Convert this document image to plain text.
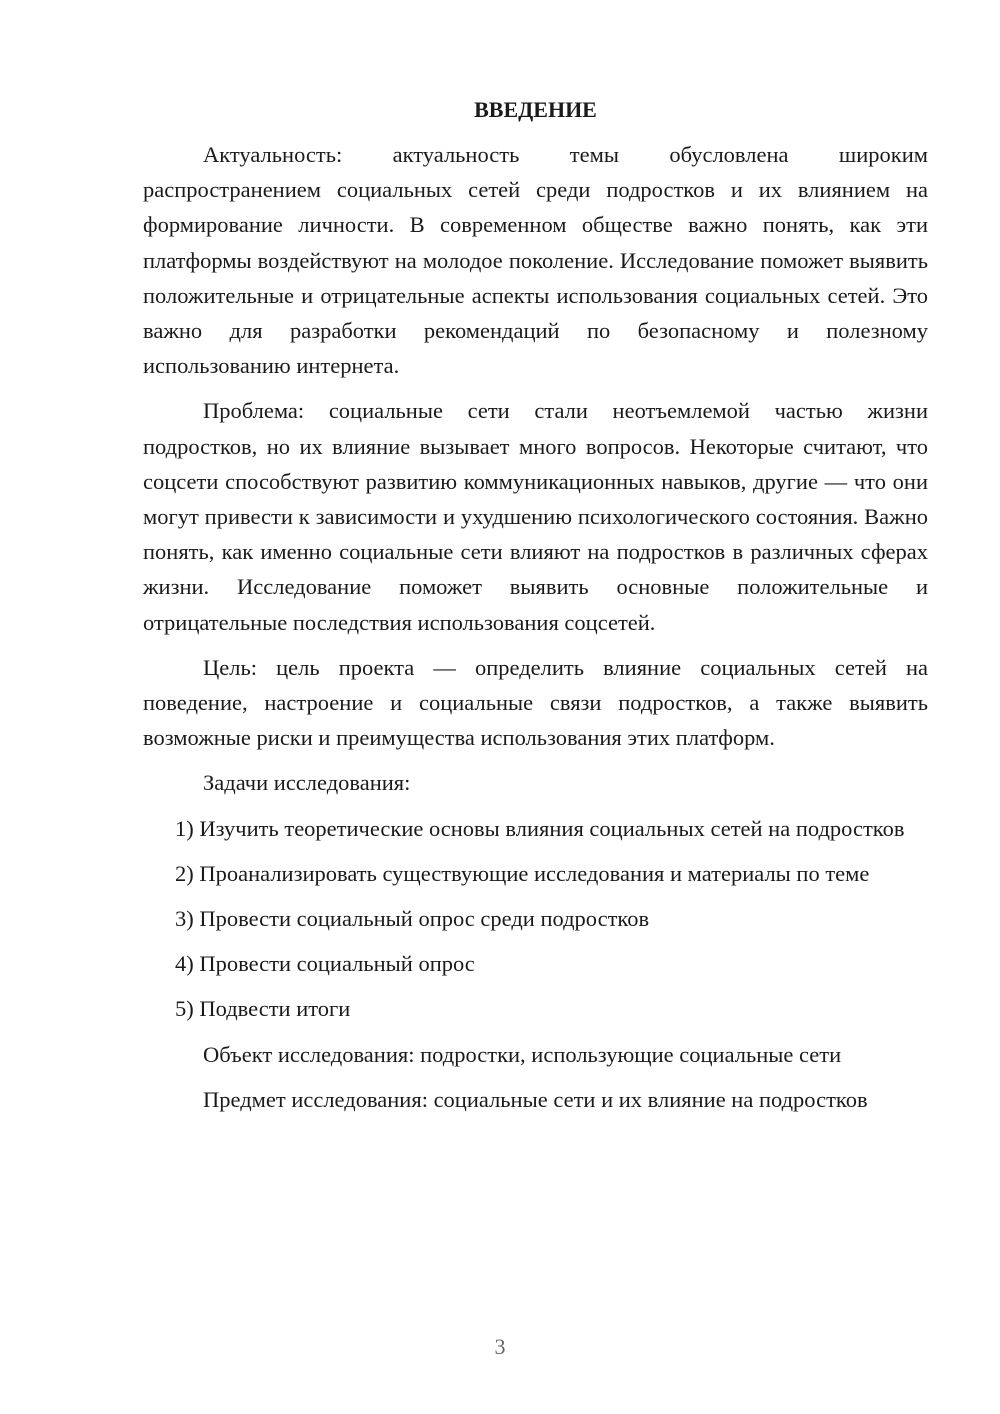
ВВЕДЕНИЕ

Актуальность: актуальность темы обусловлена широким распространением социальных сетей среди подростков и их влиянием на формирование личности. В современном обществе важно понять, как эти платформы воздействуют на молодое поколение. Исследование поможет выявить положительные и отрицательные аспекты использования социальных сетей. Это важно для разработки рекомендаций по безопасному и полезному использованию интернета.

Проблема: социальные сети стали неотъемлемой частью жизни подростков, но их влияние вызывает много вопросов. Некоторые считают, что соцсети способствуют развитию коммуникационных навыков, другие — что они могут привести к зависимости и ухудшению психологического состояния. Важно понять, как именно социальные сети влияют на подростков в различных сферах жизни. Исследование поможет выявить основные положительные и отрицательные последствия использования соцсетей.

Цель: цель проекта — определить влияние социальных сетей на поведение, настроение и социальные связи подростков, а также выявить возможные риски и преимущества использования этих платформ.

Задачи исследования:

1) Изучить теоретические основы влияния социальных сетей на подростков

2) Проанализировать существующие исследования и материалы по теме

3) Провести социальный опрос среди подростков

4) Провести социальный опрос

5) Подвести итоги

Объект исследования: подростки, использующие социальные сети

Предмет исследования: социальные сети и их влияние на подростков

3
